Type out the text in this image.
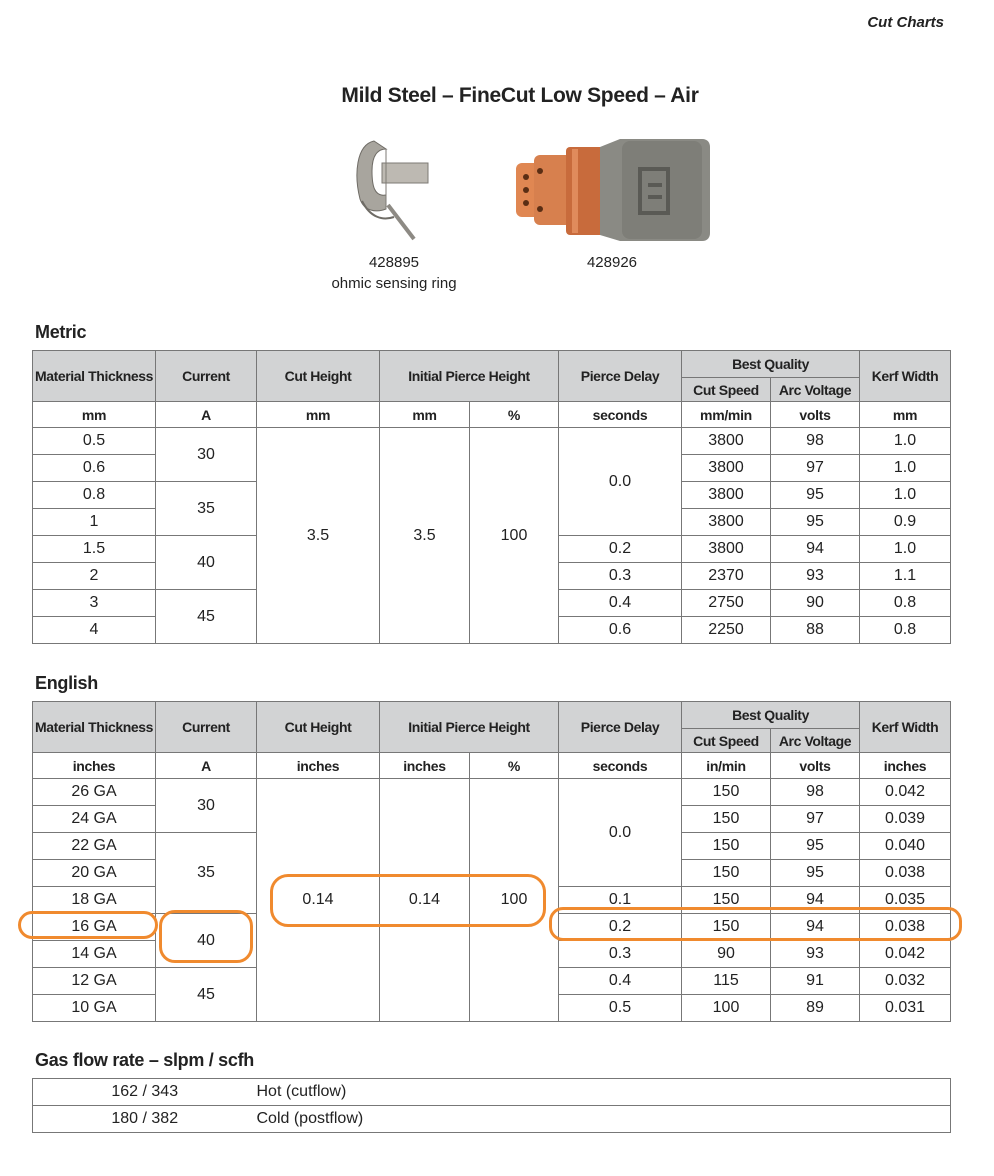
Cut Charts
Mild Steel – FineCut Low Speed – Air
428895
ohmic sensing ring
428926
Metric
Material Thickness	Current	Cut Height	Initial Pierce Height		Pierce Delay	Best Quality		Kerf Width
						Cut Speed	Arc Voltage	
mm	A	mm	mm	%	seconds	mm/min	volts	mm
0.5	30	3.5	3.5	100	0.0	3800	98	1.0
0.6						3800	97	1.0
0.8	35					3800	95	1.0
1						3800	95	0.9
1.5	40				0.2	3800	94	1.0
2					0.3	2370	93	1.1
3	45				0.4	2750	90	0.8
4					0.6	2250	88	0.8
English
Material Thickness	Current	Cut Height	Initial Pierce Height		Pierce Delay	Best Quality		Kerf Width
						Cut Speed	Arc Voltage	
inches	A	inches	inches	%	seconds	in/min	volts	inches
26 GA	30	0.14	0.14	100	0.0	150	98	0.042
24 GA						150	97	0.039
22 GA	35					150	95	0.040
20 GA						150	95	0.038
18 GA					0.1	150	94	0.035
16 GA	40				0.2	150	94	0.038
14 GA					0.3	90	93	0.042
12 GA	45				0.4	115	91	0.032
10 GA					0.5	100	89	0.031
Gas flow rate – slpm / scfh
162 / 343	Hot (cutflow)
180 / 382	Cold (postflow)
